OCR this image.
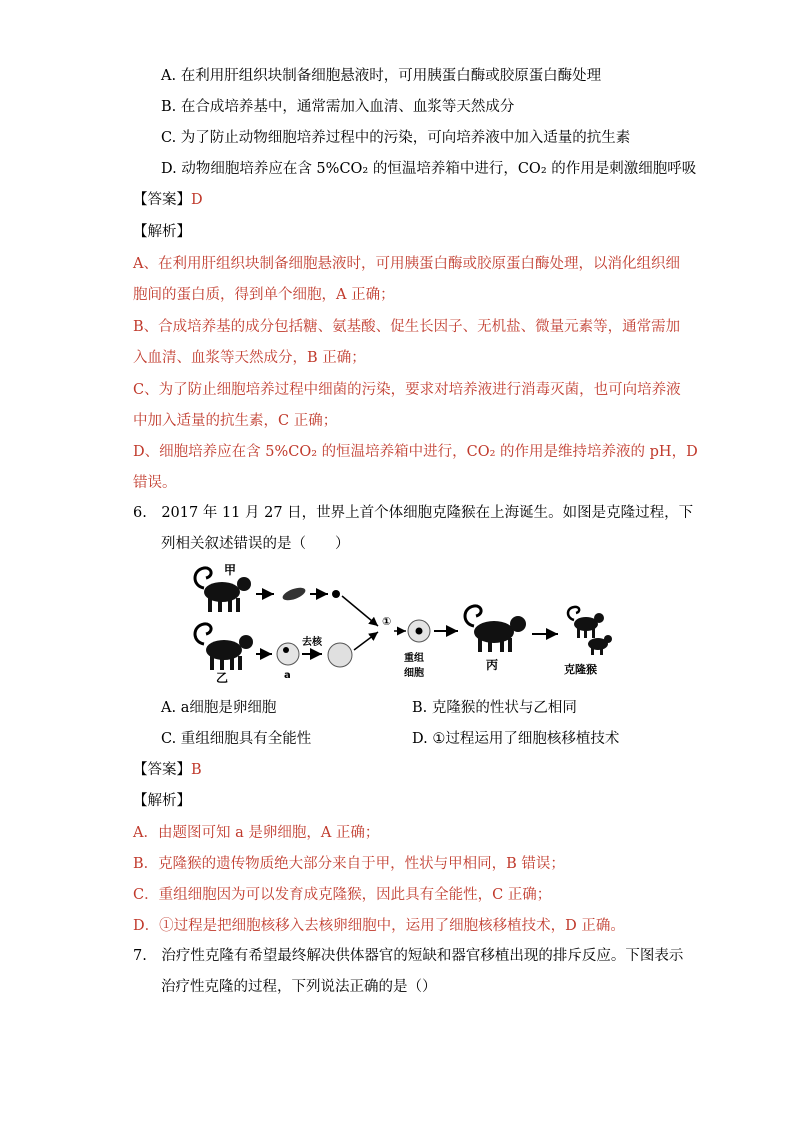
A. 在利用肝组织块制备细胞悬液时，可用胰蛋白酶或胶原蛋白酶处理
B. 在合成培养基中，通常需加入血清、血浆等天然成分
C. 为了防止动物细胞培养过程中的污染，可向培养液中加入适量的抗生素
D. 动物细胞培养应在含 5%CO₂ 的恒温培养箱中进行，CO₂ 的作用是刺激细胞呼吸
【答案】D
【解析】
A、在利用肝组织块制备细胞悬液时，可用胰蛋白酶或胶原蛋白酶处理，以消化组织细
胞间的蛋白质，得到单个细胞，A 正确；
B、合成培养基的成分包括糖、氨基酸、促生长因子、无机盐、微量元素等，通常需加
入血清、血浆等天然成分，B 正确；
C、为了防止细胞培养过程中细菌的污染，要求对培养液进行消毒灭菌，也可向培养液
中加入适量的抗生素，C 正确；
D、细胞培养应在含 5%CO₂ 的恒温培养箱中进行，CO₂ 的作用是维持培养液的 pH，D
错误。
6.　2017 年 11 月 27 日，世界上首个体细胞克隆猴在上海诞生。如图是克隆过程，下
列相关叙述错误的是（　　）
甲
乙	a
去核
①
重组
细胞
丙	克隆猴
A. a细胞是卵细胞	B. 克隆猴的性状与乙相同
C. 重组细胞具有全能性	D. ①过程运用了细胞核移植技术
【答案】B
【解析】
A．由题图可知 a 是卵细胞，A 正确；
B．克隆猴的遗传物质绝大部分来自于甲，性状与甲相同，B 错误；
C．重组细胞因为可以发育成克隆猴，因此具有全能性，C 正确；
D．①过程是把细胞核移入去核卵细胞中，运用了细胞核移植技术，D 正确。
7.　治疗性克隆有希望最终解决供体器官的短缺和器官移植出现的排斥反应。下图表示
治疗性克隆的过程，下列说法正确的是（）
